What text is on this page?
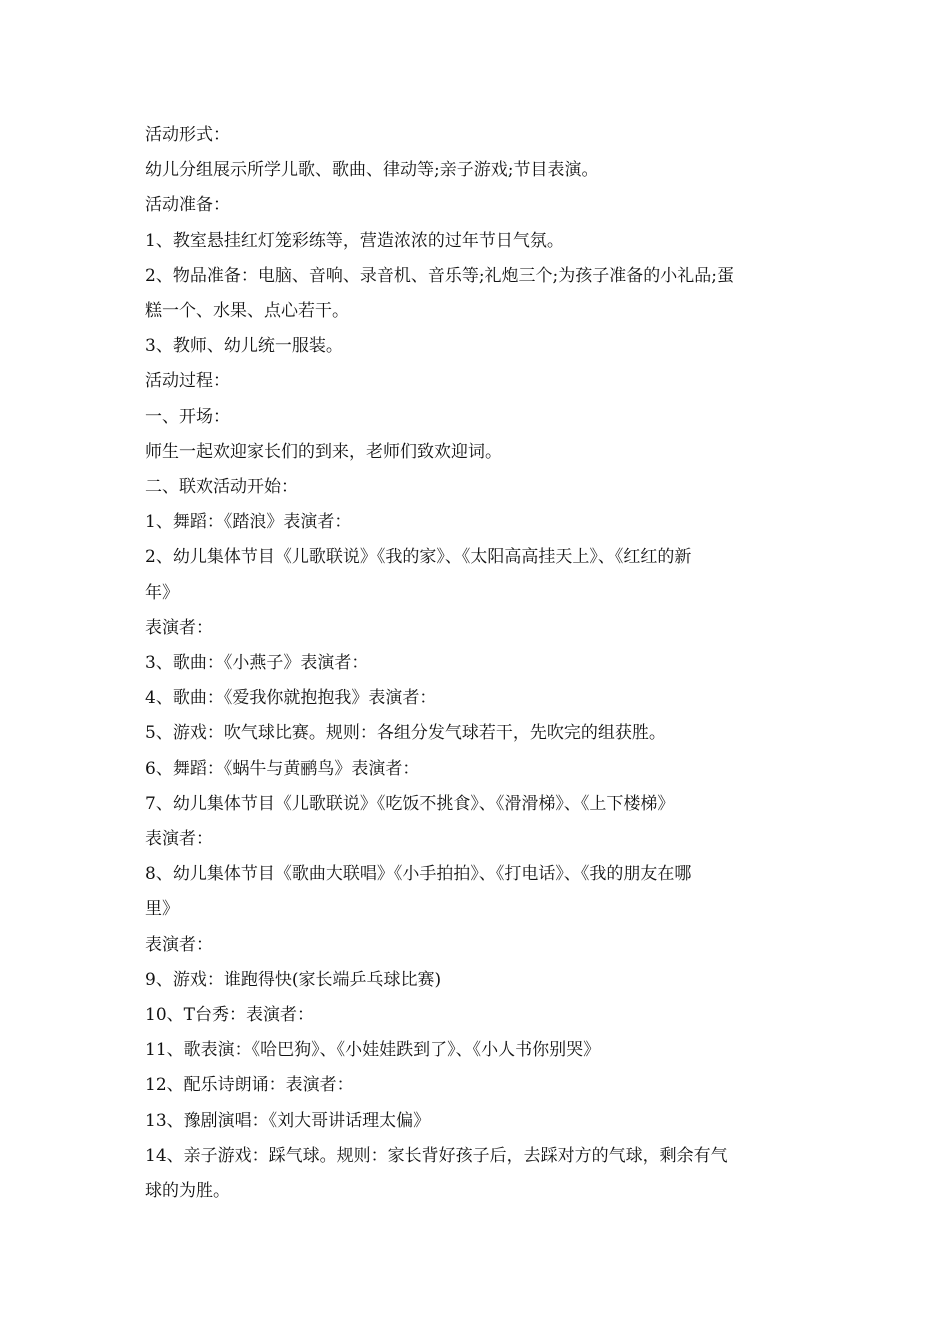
活动形式：

幼儿分组展示所学儿歌、歌曲、律动等;亲子游戏;节目表演。

活动准备：

1、教室悬挂红灯笼彩练等，营造浓浓的过年节日气氛。

2、物品准备：电脑、音响、录音机、音乐等;礼炮三个;为孩子准备的小礼品;蛋

糕一个、水果、点心若干。

3、教师、幼儿统一服装。

活动过程：

一、开场：

师生一起欢迎家长们的到来，老师们致欢迎词。

二、联欢活动开始：

1、舞蹈：《踏浪》表演者：

2、幼儿集体节目《儿歌联说》《我的家》、《太阳高高挂天上》、《红红的新

年》

表演者：

3、歌曲：《小燕子》表演者：

4、歌曲：《爱我你就抱抱我》表演者：

5、游戏：吹气球比赛。规则：各组分发气球若干，先吹完的组获胜。

6、舞蹈：《蜗牛与黄鹂鸟》表演者：

7、幼儿集体节目《儿歌联说》《吃饭不挑食》、《滑滑梯》、《上下楼梯》

表演者：

8、幼儿集体节目《歌曲大联唱》《小手拍拍》、《打电话》、《我的朋友在哪

里》

表演者：

9、游戏：谁跑得快(家长端乒乓球比赛)

10、T台秀：表演者：

11、歌表演：《哈巴狗》、《小娃娃跌到了》、《小人书你别哭》

12、配乐诗朗诵：表演者：

13、豫剧演唱：《刘大哥讲话理太偏》

14、亲子游戏：踩气球。规则：家长背好孩子后，去踩对方的气球，剩余有气

球的为胜。
